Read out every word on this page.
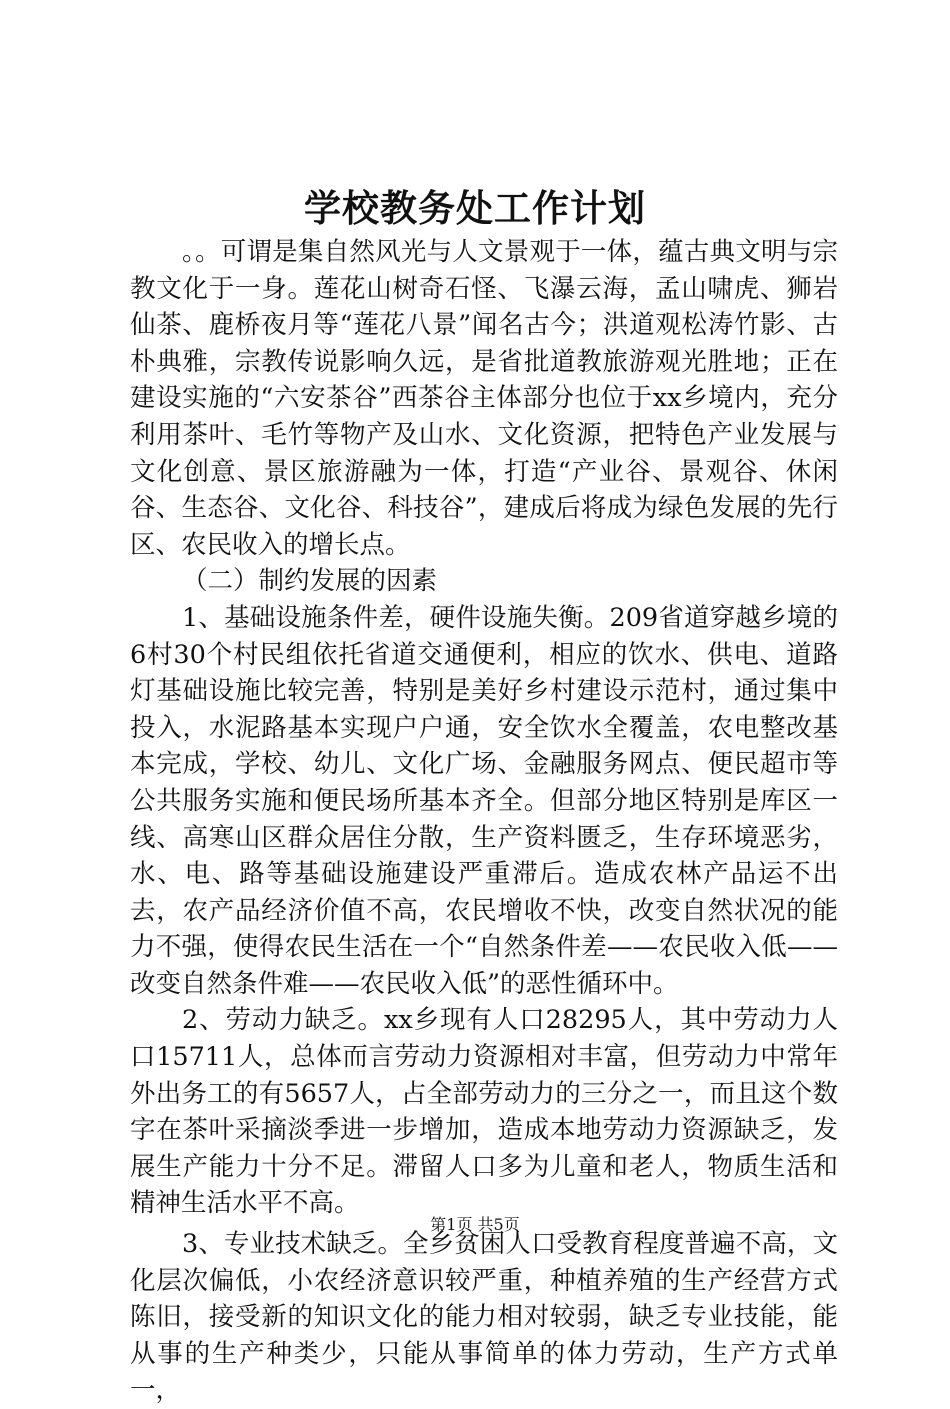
学校教务处工作计划

。。可谓是集自然风光与人文景观于一体，蕴古典文明与宗教文化于一身。莲花山树奇石怪、飞瀑云海，孟山啸虎、狮岩仙茶、鹿桥夜月等“莲花八景”闻名古今；洪道观松涛竹影、古朴典雅，宗教传说影响久远，是省批道教旅游观光胜地；正在建设实施的“六安茶谷”西茶谷主体部分也位于xx乡境内，充分利用茶叶、毛竹等物产及山水、文化资源，把特色产业发展与文化创意、景区旅游融为一体，打造“产业谷、景观谷、休闲谷、生态谷、文化谷、科技谷”，建成后将成为绿色发展的先行区、农民收入的增长点。

（二）制约发展的因素

1、基础设施条件差，硬件设施失衡。209省道穿越乡境的6村30个村民组依托省道交通便利，相应的饮水、供电、道路灯基础设施比较完善，特别是美好乡村建设示范村，通过集中投入，水泥路基本实现户户通，安全饮水全覆盖，农电整改基本完成，学校、幼儿、文化广场、金融服务网点、便民超市等公共服务实施和便民场所基本齐全。但部分地区特别是库区一线、高寒山区群众居住分散，生产资料匮乏，生存环境恶劣，水、电、路等基础设施建设严重滞后。造成农林产品运不出去，农产品经济价值不高，农民增收不快，改变自然状况的能力不强，使得农民生活在一个“自然条件差——农民收入低——改变自然条件难——农民收入低”的恶性循环中。

2、劳动力缺乏。xx乡现有人口28295人，其中劳动力人口15711人，总体而言劳动力资源相对丰富，但劳动力中常年外出务工的有5657人，占全部劳动力的三分之一，而且这个数字在茶叶采摘淡季进一步增加，造成本地劳动力资源缺乏，发展生产能力十分不足。滞留人口多为儿童和老人，物质生活和精神生活水平不高。

3、专业技术缺乏。全乡贫困人口受教育程度普遍不高，文化层次偏低，小农经济意识较严重，种植养殖的生产经营方式陈旧，接受新的知识文化的能力相对较弱，缺乏专业技能，能从事的生产种类少，只能从事简单的体力劳动，生产方式单一，

第1页 共5页
